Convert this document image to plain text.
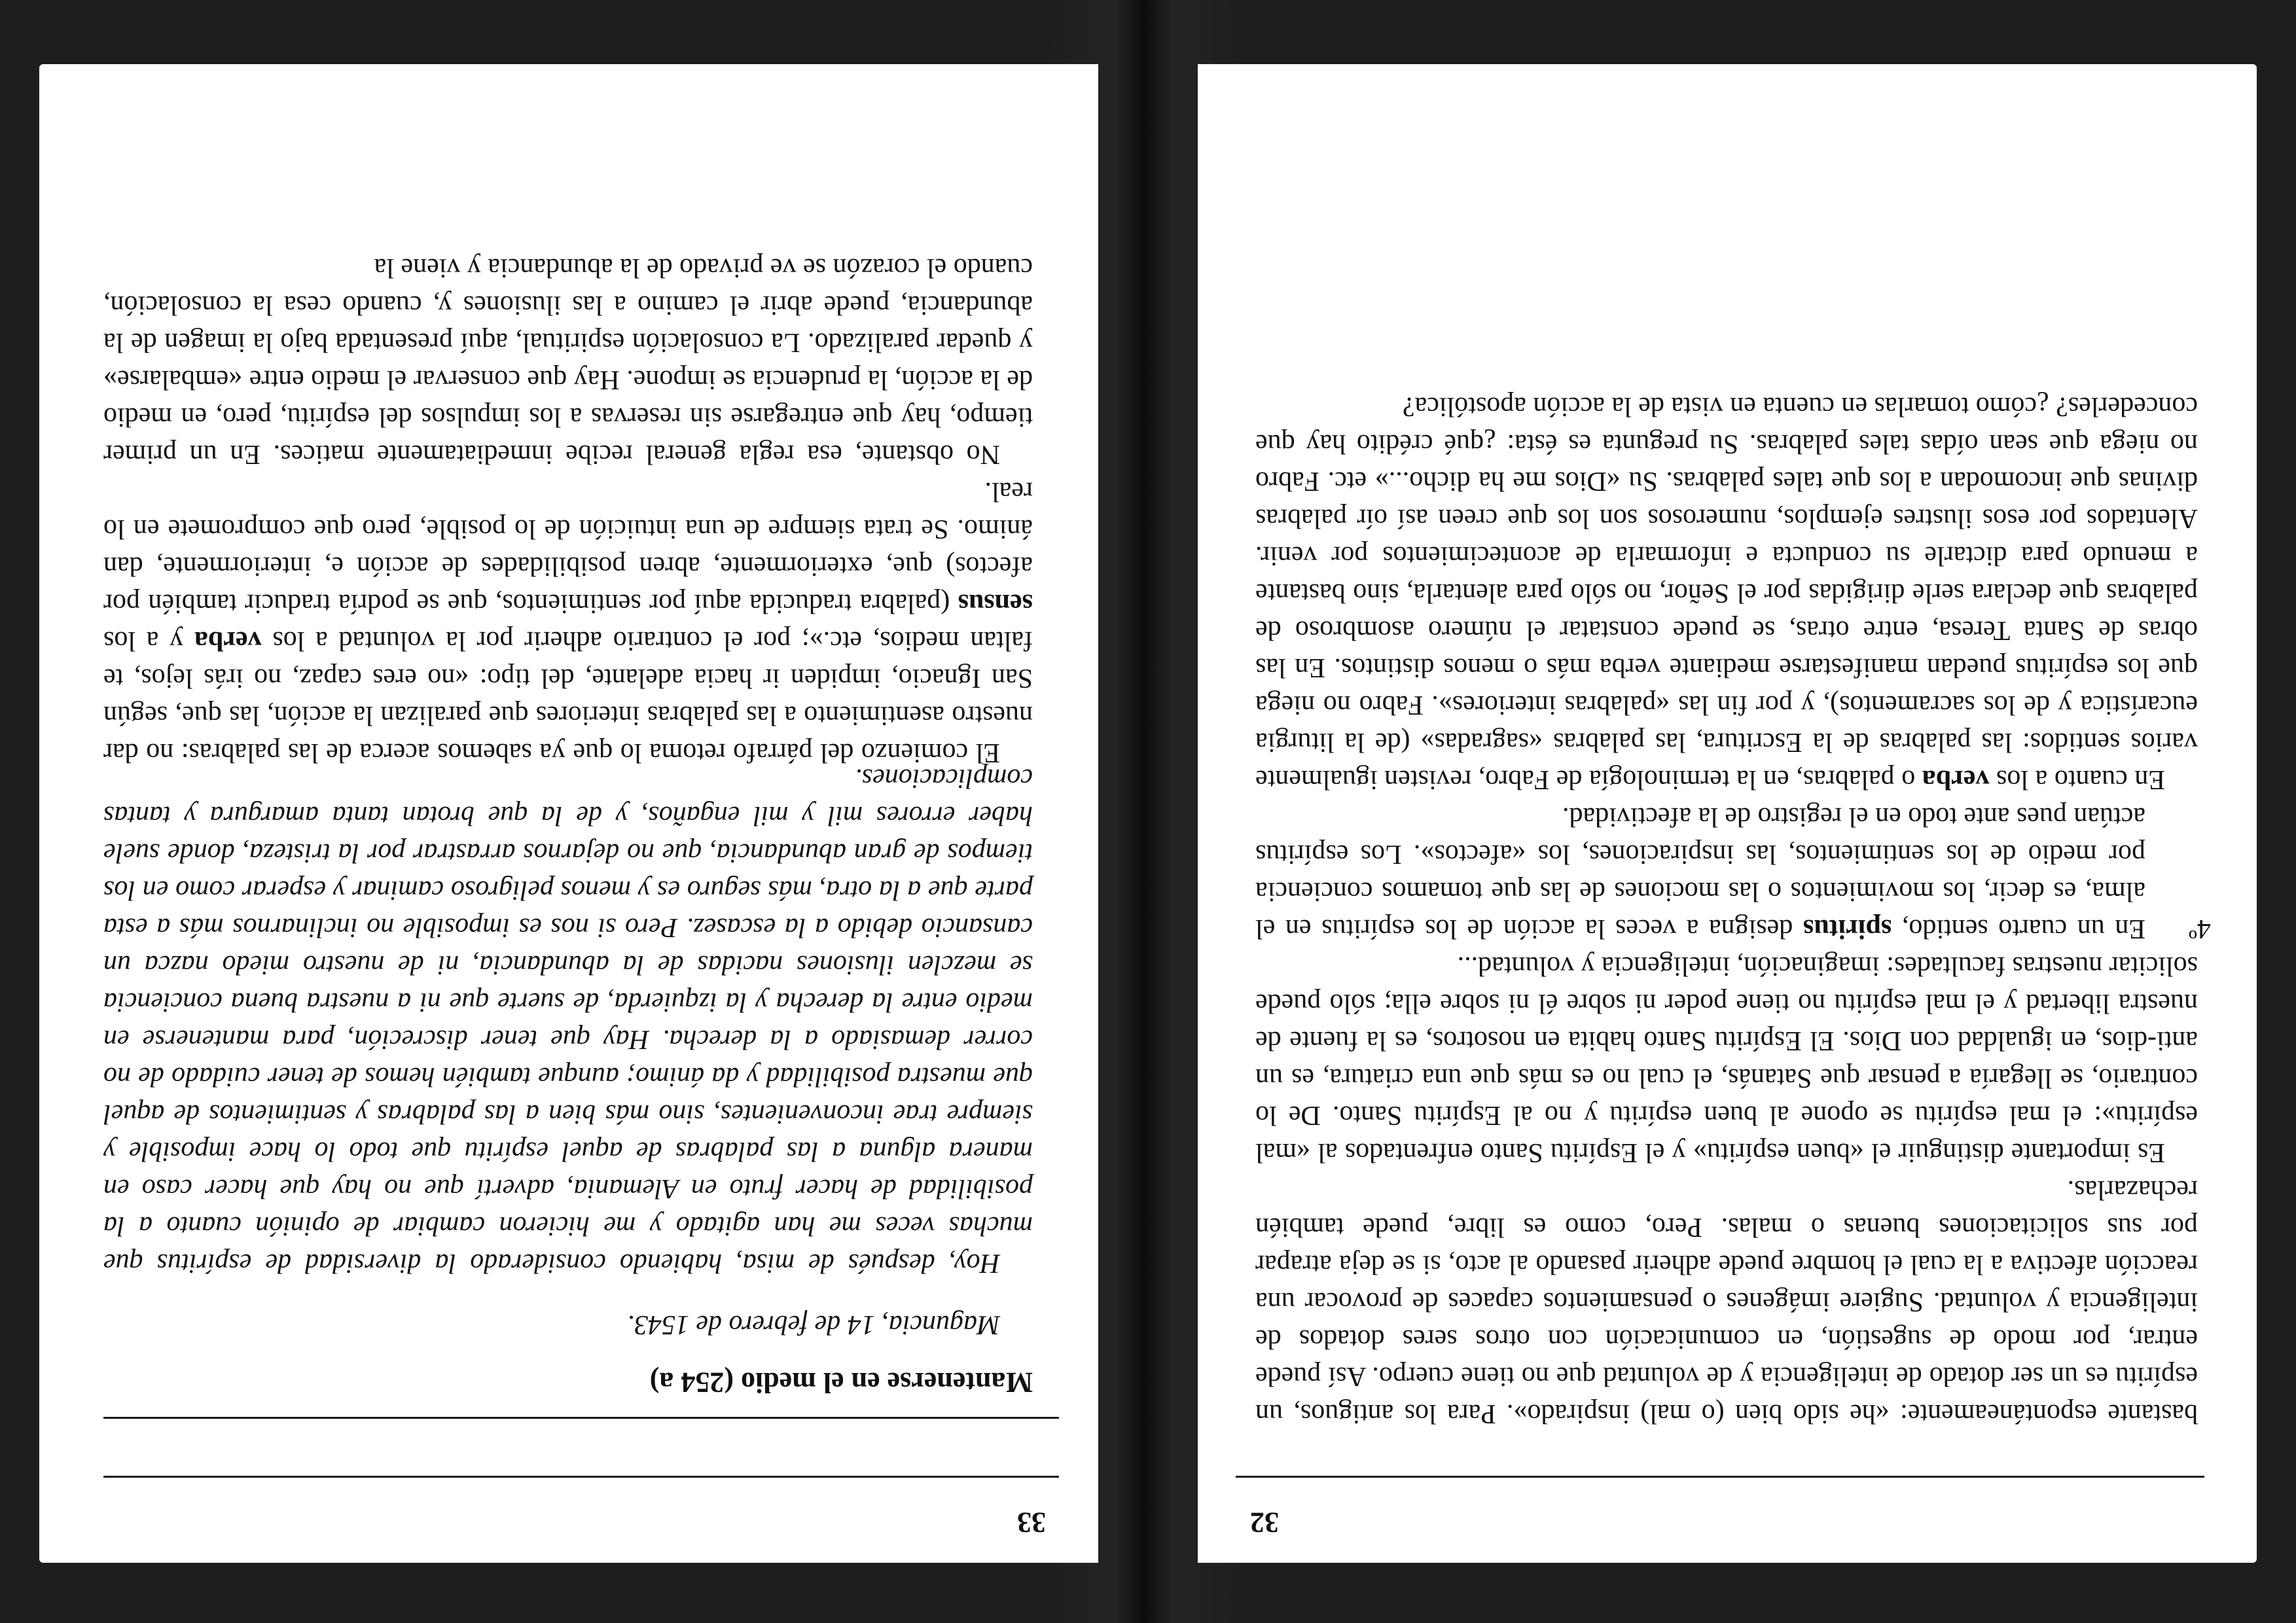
32

bastante espontáneamente: «he sido bien (o mal) inspirado». Para los antiguos, un espíritu es un ser dotado de inteligencia y de voluntad que no tiene cuerpo. Así puede entrar, por modo de sugestión, en comunicación con otros seres dotados de inteligencia y voluntad. Sugiere imágenes o pensamientos capaces de provocar una reacción afectiva a la cual el hombre puede adherir pasando al acto, si se deja atrapar por sus solicitaciones buenas o malas. Pero, como es libre, puede también rechazarlas.

Es importante distinguir el «buen espíritu» y el Espíritu Santo enfrentados al «mal espíritu»: el mal espíritu se opone al buen espíritu y no al Espíritu Santo. De lo contrario, se llegaría a pensar que Satanás, el cual no es más que una criatura, es un anti-dios, en igualdad con Dios. El Espíritu Santo habita en nosotros, es la fuente de nuestra libertad y el mal espíritu no tiene poder ni sobre él ni sobre ella; sólo puede solicitar nuestras facultades: imaginación, inteligencia y voluntad...

4º
En un cuarto sentido, spiritus designa a veces la acción de los espíritus en el alma, es decir, los movimientos o las mociones de las que tomamos conciencia por medio de los sentimientos, las inspiraciones, los «afectos». Los espíritus actúan pues ante todo en el registro de la afectividad.

En cuanto a los verba o palabras, en la terminología de Fabro, revisten igualmente varios sentidos: las palabras de la Escritura, las palabras «sagradas» (de la liturgia eucarística y de los sacramentos), y por fin las «palabras interiores». Fabro no niega que los espíritus puedan manifestarse mediante verba más o menos distintos. En las obras de Santa Teresa, entre otras, se puede constatar el número asombroso de palabras que declara serle dirigidas por el Señor, no sólo para alentarla, sino bastante a menudo para dictarle su conducta e informarla de acontecimientos por venir. Alentados por esos ilustres ejemplos, numerosos son los que creen así oír palabras divinas que incomodan a los que tales palabras. Su «Dios me ha dicho...» etc. Fabro no niega que sean oídas tales palabras. Su pregunta es ésta: ¿qué crédito hay que concederles? ¿cómo tomarlas en cuenta en vista de la acción apostólica?

33
Mantenerse en el medio (254 a)
Maguncia, 14 de febrero de 1543.

Hoy, después de misa, habiendo considerado la diversidad de espíritus que muchas veces me han agitado y me hicieron cambiar de opinión cuanto a la posibilidad de hacer fruto en Alemania, advertí que no hay que hacer caso en manera alguna a las palabras de aquel espíritu que todo lo hace imposible y siempre trae inconvenientes, sino más bien a las palabras y sentimientos de aquel que muestra posibilidad y da ánimo; aunque también hemos de tener cuidado de no correr demasiado a la derecha. Hay que tener discreción, para mantenerse en medio entre la derecha y la izquierda, de suerte que ni a nuestra buena conciencia se mezclen ilusiones nacidas de la abundancia, ni de nuestro miedo nazca un cansancio debido a la escasez. Pero si nos es imposible no inclinarnos más a esta parte que a la otra, más seguro es y menos peligroso caminar y esperar como en los tiempos de gran abundancia, que no dejarnos arrastrar por la tristeza, donde suele haber errores mil y mil engaños, y de la que brotan tanta amargura y tantas complicaciones.

El comienzo del párrafo retoma lo que ya sabemos acerca de las palabras: no dar nuestro asentimiento a las palabras interiores que paralizan la acción, las que, según San Ignacio, impiden ir hacia adelante, del tipo: «no eres capaz, no irás lejos, te faltan medios, etc.»; por el contrario adherir por la voluntad a los verba y a los sensus (palabra traducida aquí por sentimientos, que se podría traducir también por afectos) que, exteriormente, abren posibilidades de acción e, interiormente, dan ánimo. Se trata siempre de una intuición de lo posible, pero que compromete en lo real.

No obstante, esa regla general recibe inmediatamente matices. En un primer tiempo, hay que entregarse sin reservas a los impulsos del espíritu, pero, en medio de la acción, la prudencia se impone. Hay que conservar el medio entre «embalarse» y quedar paralizado. La consolación espiritual, aquí presentada bajo la imagen de la abundancia, puede abrir el camino a las ilusiones y, cuando cesa la consolación, cuando el corazón se ve privado de la abundancia y viene la
